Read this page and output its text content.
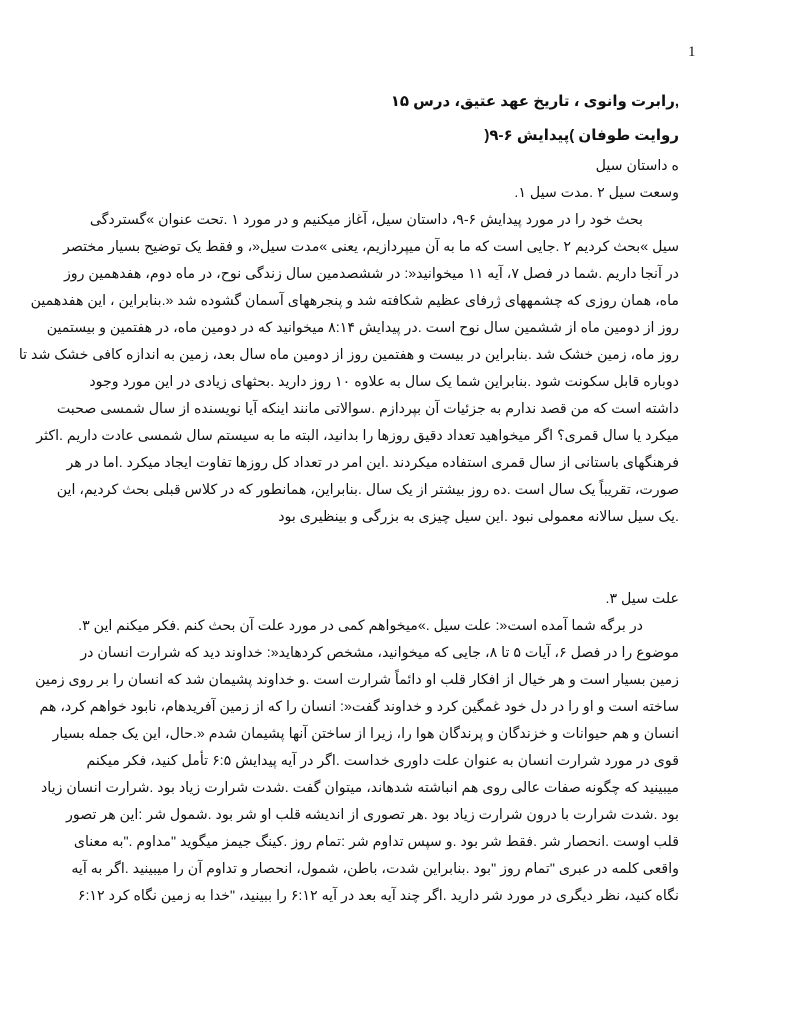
1
,رابرت وانوی ، تاریخ عهد عتیق، درس ۱۵
روایت طوفان )پیدایش ۶-۹(
ه داستان سیل
وسعت سیل ۲ .مدت سیل ۱.
بحث خود را در مورد پیدایش ۶-۹، داستان سیل، آغاز میکنیم و در مورد ۱ .تحت عنوان »گستردگی
سیل »بحث کردیم ۲ .جایی است که ما به آن میپردازیم، یعنی »مدت سیل«، و فقط یک توضیح بسیار مختصر
در آنجا داریم .شما در فصل ۷، آیه ۱۱ میخوانید«: در ششصدمین سال زندگی نوح، در ماه دوم، هفدهمین روز
ماه، همان روزی که چشمههای ژرفای عظیم شکافته شد و پنجرههای آسمان گشوده شد «.بنابراین ، این هفدهمین
روز از دومین ماه از ششمین سال نوح است .در پیدایش ۸:۱۴ میخوانید که در دومین ماه، در هفتمین و بیستمین
روز ماه، زمین خشک شد .بنابراین در بیست و هفتمین روز از دومین ماه سال بعد، زمین به اندازه کافی خشک شد تا
دوباره قابل سکونت شود .بنابراین شما یک سال به علاوه ۱۰ روز دارید .بحثهای زیادی در این مورد وجود
داشته است که من قصد ندارم به جزئیات آن بپردازم .سوالاتی مانند اینکه آیا نویسنده از سال شمسی صحبت
میکرد یا سال قمری؟ اگر میخواهید تعداد دقیق روزها را بدانید، البته ما به سیستم سال شمسی عادت داریم .اکثر
فرهنگهای باستانی از سال قمری استفاده میکردند .این امر در تعداد کل روزها تفاوت ایجاد میکرد .اما در هر
صورت، تقریباً یک سال است .ده روز بیشتر از یک سال .بنابراین، همانطور که در کلاس قبلی بحث کردیم، این
.یک سیل سالانه معمولی نبود .این سیل چیزی به بزرگی و بینظیری بود
علت سیل ۳.
در برگه شما آمده است«: علت سیل .»میخواهم کمی در مورد علت آن بحث کنم .فکر میکنم این ۳.
موضوع را در فصل ۶، آیات ۵ تا ۸، جایی که میخوانید، مشخص کردهاید«: خداوند دید که شرارت انسان در
زمین بسیار است و هر خیال از افکار قلب او دائماً شرارت است .و خداوند پشیمان شد که انسان را بر روی زمین
ساخته است و او را در دل خود غمگین کرد و خداوند گفت«: انسان را که از زمین آفریدهام، نابود خواهم کرد، هم
انسان و هم حیوانات و خزندگان و پرندگان هوا را، زیرا از ساختن آنها پشیمان شدم «.حال، این یک جمله بسیار
قوی در مورد شرارت انسان به عنوان علت داوری خداست .اگر در آیه پیدایش ۶:۵ تأمل کنید، فکر میکنم
میبینید که چگونه صفات عالی روی هم انباشته شدهاند، میتوان گفت .شدت شرارت زیاد بود .شرارت انسان زیاد
بود .شدت شرارت با درون شرارت زیاد بود .هر تصوری از اندیشه قلب او شر بود .شمول شر :این هر تصور
قلب اوست .انحصار شر .فقط شر بود .و سپس تداوم شر :تمام روز .کینگ جیمز میگوید "مداوم ."به معنای
واقعی کلمه در عبری "تمام روز "بود .بنابراین شدت، باطن، شمول، انحصار و تداوم آن را میبینید .اگر به آیه
نگاه کنید، نظر دیگری در مورد شر دارید .اگر چند آیه بعد در آیه ۶:۱۲ را ببینید، "خدا به زمین نگاه کرد ۶:۱۲
